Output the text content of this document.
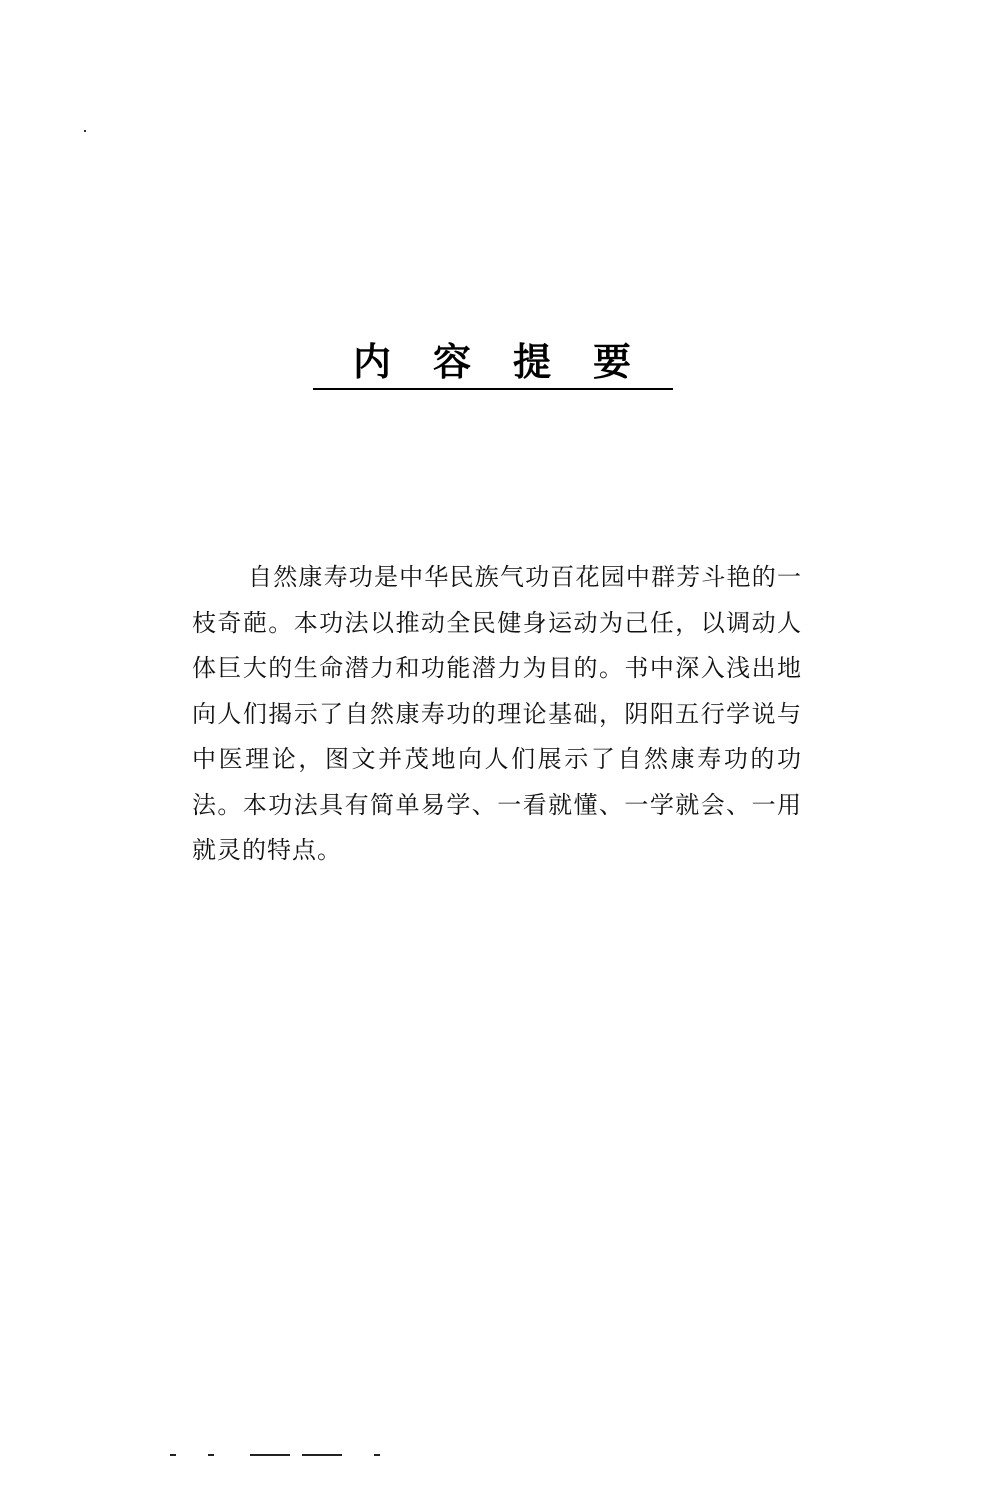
内容提要

自然康寿功是中华民族气功百花园中群芳斗艳的一枝奇葩。本功法以推动全民健身运动为己任，以调动人体巨大的生命潜力和功能潜力为目的。书中深入浅出地向人们揭示了自然康寿功的理论基础，阴阳五行学说与中医理论，图文并茂地向人们展示了自然康寿功的功法。本功法具有简单易学、一看就懂、一学就会、一用就灵的特点。
